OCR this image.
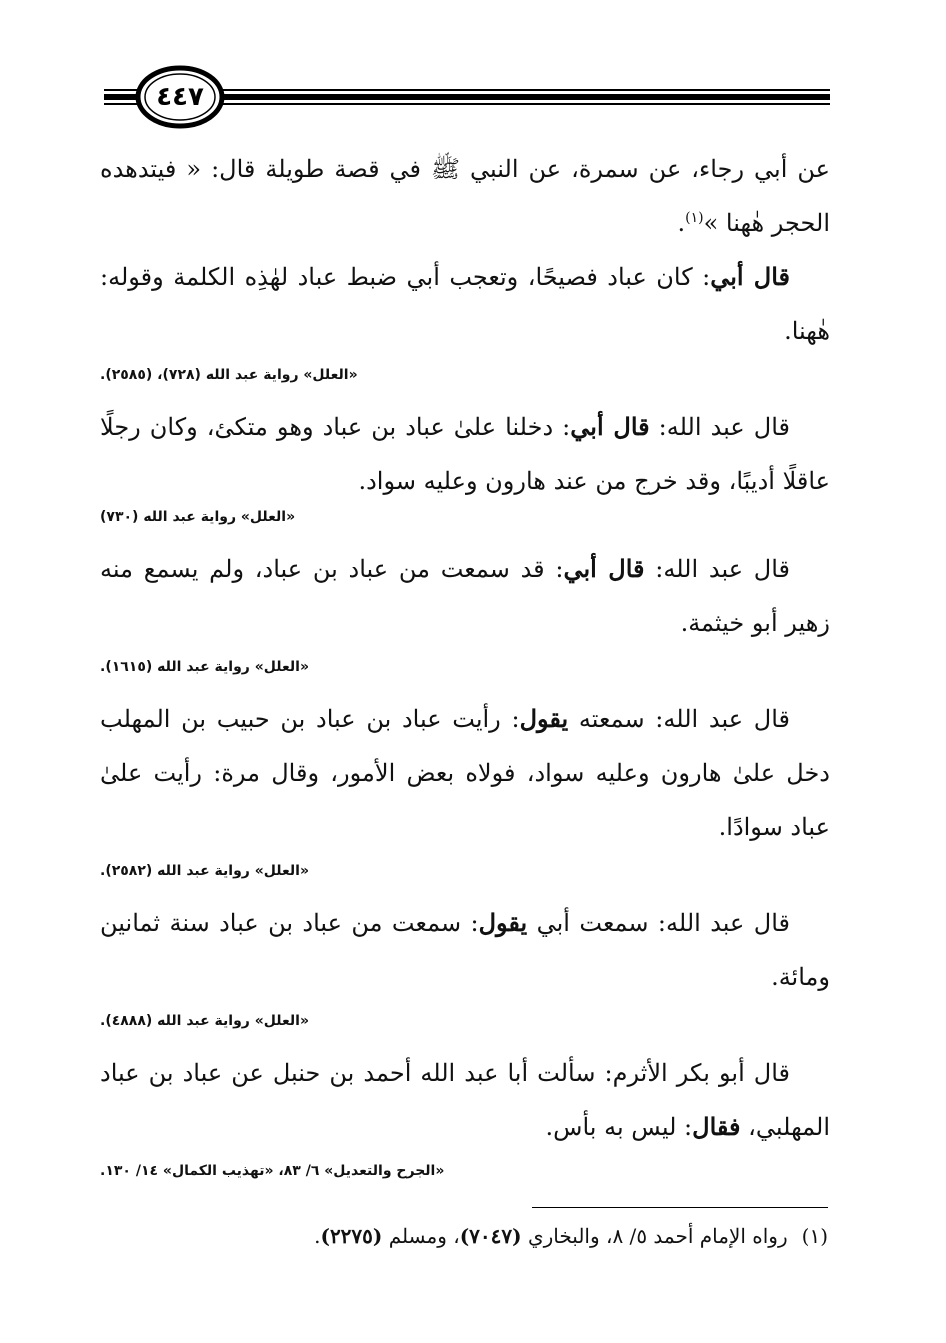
٤٤٧

عن أبي رجاء، عن سمرة، عن النبي ﷺ في قصة طويلة قال: « فيتدهده الحجر هٰهنا »$^{(١)}$.

قال أبي: كان عباد فصيحًا، وتعجب أبي ضبط عباد لهٰذِه الكلمة وقوله: هٰهنا.

«العلل» رواية عبد الله (٧٢٨)، (٢٥٨٥).

قال عبد الله: قال أبي: دخلنا علىٰ عباد بن عباد وهو متكئ، وكان رجلًا عاقلًا أديبًا، وقد خرج من عند هارون وعليه سواد.

«العلل» رواية عبد الله (٧٣٠)

قال عبد الله: قال أبي: قد سمعت من عباد بن عباد، ولم يسمع منه زهير أبو خيثمة.

«العلل» رواية عبد الله (١٦١٥).

قال عبد الله: سمعته يقول: رأيت عباد بن عباد بن حبيب بن المهلب دخل علىٰ هارون وعليه سواد، فولاه بعض الأمور، وقال مرة: رأيت علىٰ عباد سوادًا.

«العلل» رواية عبد الله (٢٥٨٢).

قال عبد الله: سمعت أبي يقول: سمعت من عباد بن عباد سنة ثمانين ومائة.

«العلل» رواية عبد الله (٤٨٨٨).

قال أبو بكر الأثرم: سألت أبا عبد الله أحمد بن حنبل عن عباد بن عباد المهلبي، فقال: ليس به بأس.

«الجرح والتعديل» ٦/ ٨٣، «تهذيب الكمال» ١٤/ ١٣٠.
(١)رواه الإمام أحمد ٥/ ٨، والبخاري (٧٠٤٧)، ومسلم (٢٢٧٥).
